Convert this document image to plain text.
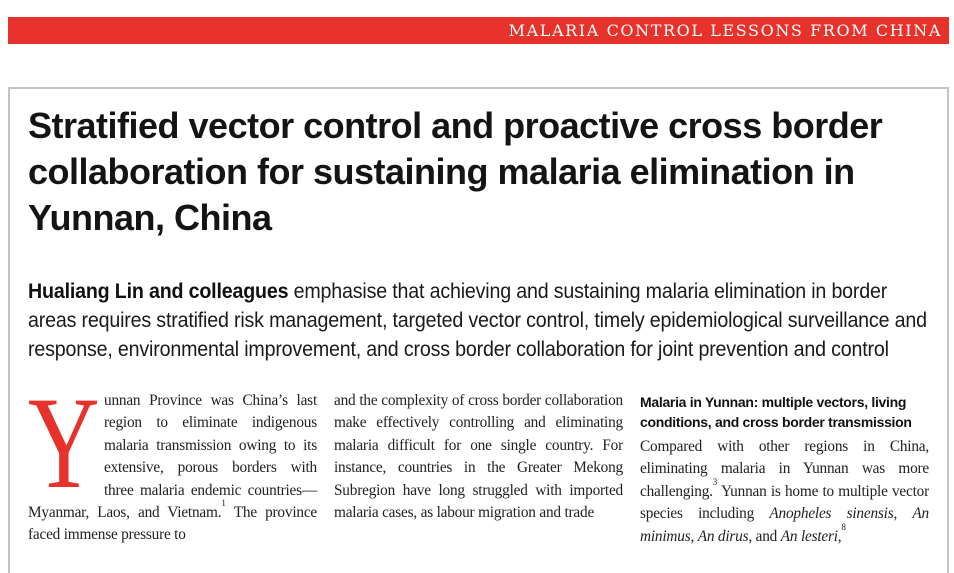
MALARIA CONTROL LESSONS FROM CHINA
Stratified vector control and proactive cross border collaboration for sustaining malaria elimination in Yunnan, China

Hualiang Lin and colleagues emphasise that achieving and sustaining malaria elimination in border areas requires stratified risk management, targeted vector control, timely epidemiological surveillance and response, environmental improvement, and cross border collaboration for joint prevention and control

Yunnan Province was China’s last region to eliminate indigenous malaria transmission owing to its extensive, porous borders with three malaria endemic countries—Myanmar, Laos, and Vietnam.$^1$ The province faced immense pressure to

and the complexity of cross border collaboration make effectively controlling and eliminating malaria difficult for one single country. For instance, countries in the Greater Mekong Subregion have long struggled with imported malaria cases, as labour migration and trade

Malaria in Yunnan: multiple vectors, living conditions, and cross border transmission

Compared with other regions in China, eliminating malaria in Yunnan was more challenging.$^3$ Yunnan is home to multiple vector species including Anopheles sinensis, An minimus, An dirus, and An lesteri,$^8$
